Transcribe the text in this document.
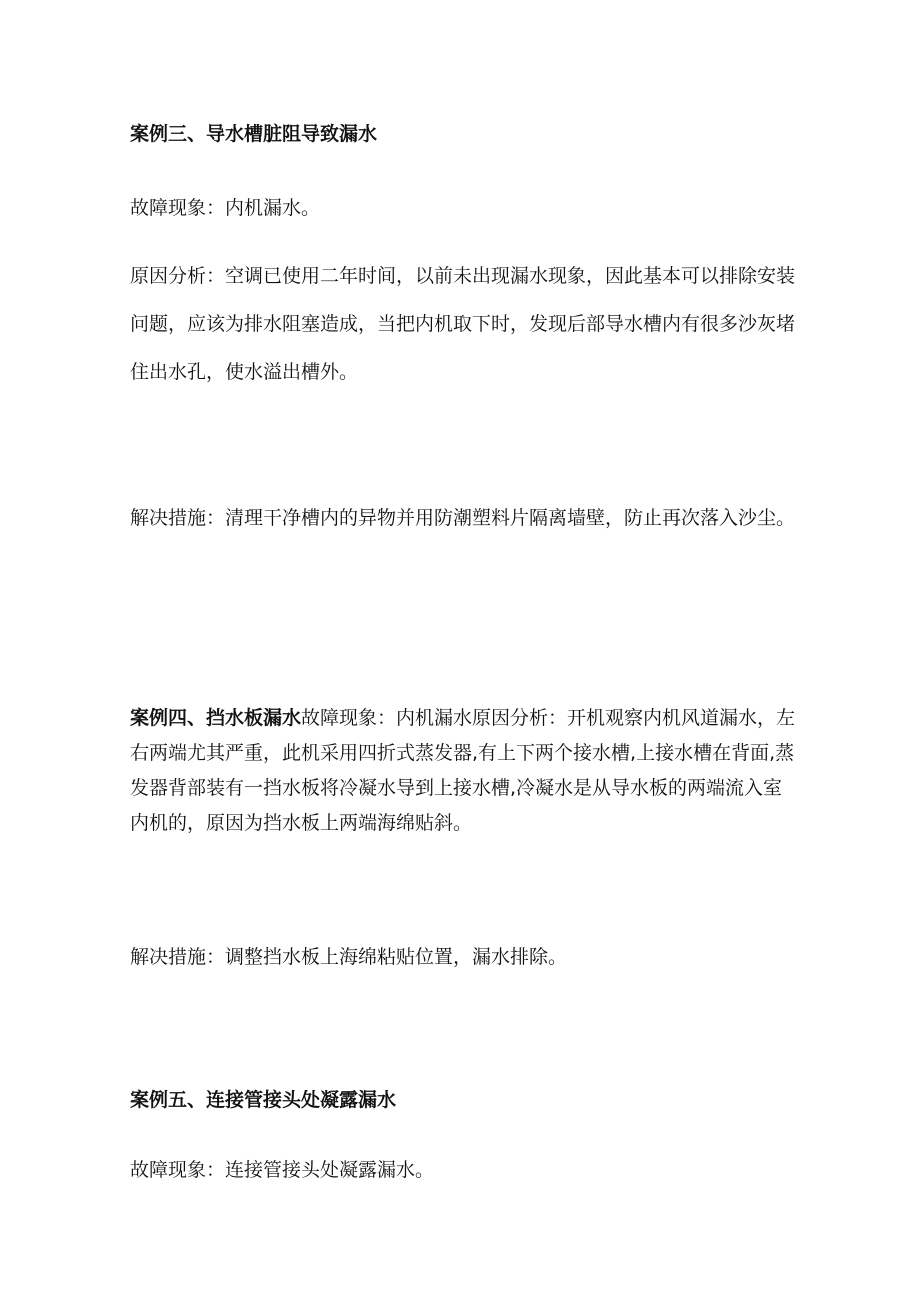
案例三、导水槽脏阻导致漏水

故障现象：内机漏水。

原因分析：空调已使用二年时间，以前未出现漏水现象，因此基本可以排除安装问题，应该为排水阻塞造成，当把内机取下时，发现后部导水槽内有很多沙灰堵住出水孔，使水溢出槽外。

解决措施：清理干净槽内的异物并用防潮塑料片隔离墙壁，防止再次落入沙尘。

案例四、挡水板漏水故障现象：内机漏水原因分析：开机观察内机风道漏水，左右两端尤其严重，此机采用四折式蒸发器,有上下两个接水槽,上接水槽在背面,蒸发器背部装有一挡水板将冷凝水导到上接水槽,冷凝水是从导水板的两端流入室内机的，原因为挡水板上两端海绵贴斜。

解决措施：调整挡水板上海绵粘贴位置，漏水排除。

案例五、连接管接头处凝露漏水

故障现象：连接管接头处凝露漏水。
